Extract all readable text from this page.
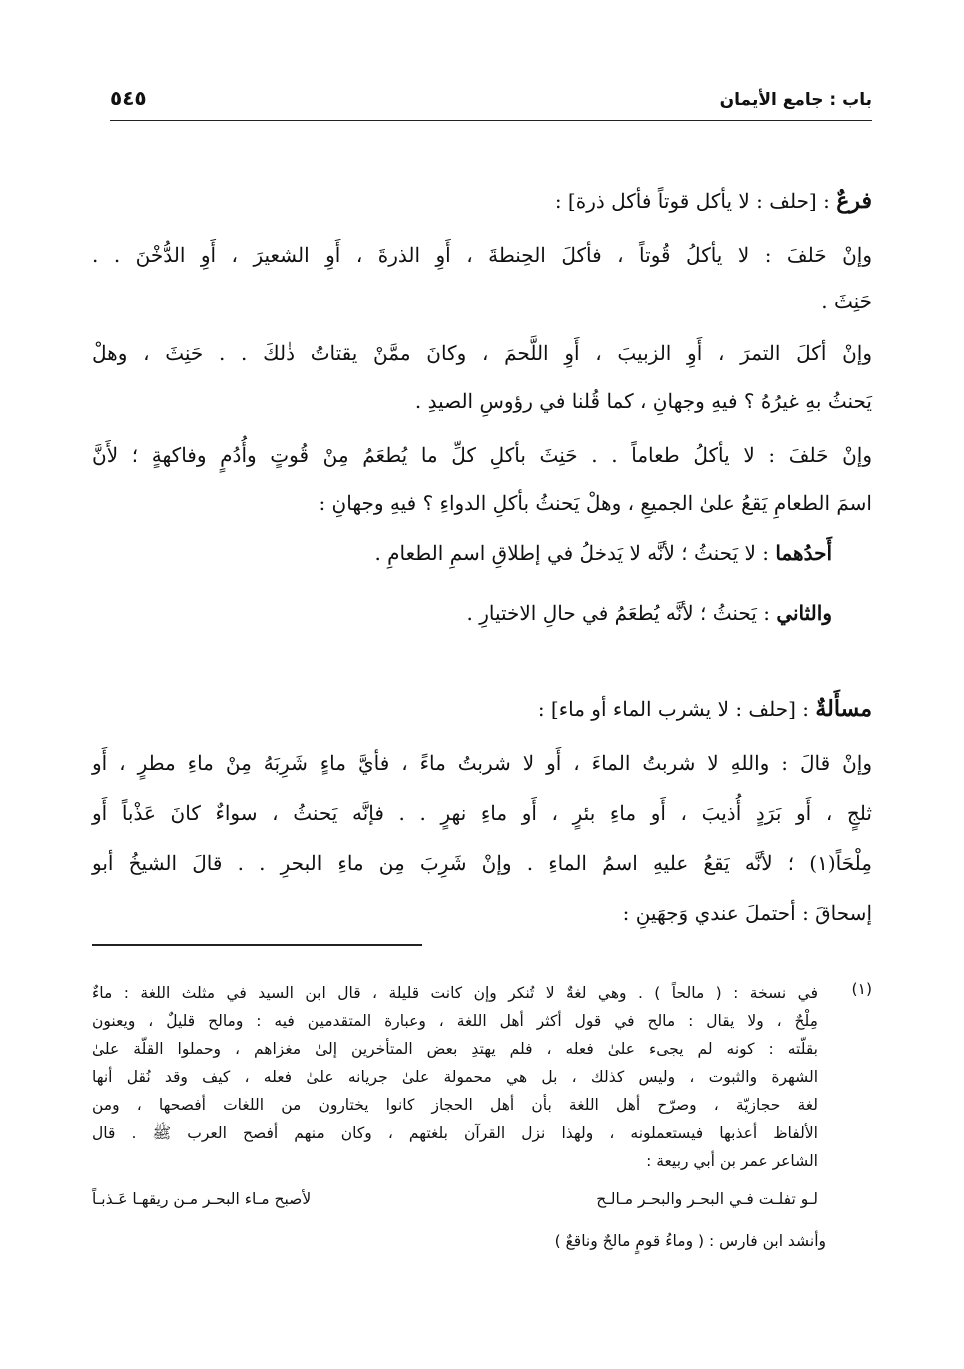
باب : جامع الأيمان
٥٤٥
فرعٌ : [حلف : لا يأكل قوتاً فأكل ذرة] :
وإنْ حَلفَ : لا يأكلُ قُوتاً ، فأكلَ الحِنطةَ ، أَوِ الذرةَ ، أَوِ الشعيرَ ، أَوِ الدُّخْنَ . .
حَنِثَ .
وإنْ أكلَ التمرَ ، أَوِ الزبيبَ ، أَوِ اللَّحمَ ، وكانَ ممَّنْ يقتاتُ ذٰلكَ . . حَنِثَ ، وهلْ
يَحنثُ بهِ غيرُهُ ؟ فيهِ وجهانِ ، كما قُلنا في رؤوسِ الصيدِ .
وإنْ حَلفَ : لا يأكلُ طعاماً . . حَنِثَ بأكلِ كلِّ ما يُطعَمُ مِنْ قُوتٍ وأُدُمٍ وفاكهةٍ ؛ لأَنَّ
اسمَ الطعامِ يَقعُ علىٰ الجميعِ ، وهلْ يَحنثُ بأكلِ الدواءِ ؟ فيهِ وجهانِ :
أَحدُهما : لا يَحنثُ ؛ لأنَّه لا يَدخلُ في إطلاقِ اسمِ الطعامِ .
والثاني : يَحنثُ ؛ لأنَّه يُطعَمُ في حالِ الاختيارِ .
مسأَلةٌ : [حلف : لا يشرب الماء أو ماء] :
وإنْ قالَ : واللهِ لا شربتُ الماءَ ، أَو لا شربتُ ماءً ، فأيَّ ماءٍ شَرِبَهُ مِنْ ماءِ مطرٍ ، أَو
ثلجٍ ، أَو بَرَدٍ أُذيبَ ، أَو ماءِ بئرٍ ، أَو ماءِ نهرٍ . . فإنَّه يَحنثُ ، سواءٌ كانَ عَذْباً أَو
مِلْحَاً(١) ؛ لأنَّه يَقعُ عليهِ اسمُ الماءِ . وإنْ شَرِبَ مِن ماءِ البحرِ . . قالَ الشيخُ أبو
إسحاقَ : أحتملَ عندي وَجهَينِ :
(١)
في نسخة : ( مالحاً ) . وهي لغةٌ لا تُنكر وإن كانت قليلة ، قال ابن السيد في مثلث اللغة : ماءٌ
مِلْحٌ ، ولا يقال : مالح في قول أكثر أهل اللغة ، وعبارة المتقدمين فيه : ومالح قليلٌ ، ويعنون
بقلّته : كونه لم يجىء علىٰ فعله ، فلم يهتدِ بعض المتأخرين إلىٰ مغزاهم ، وحملوا القلّة علىٰ
الشهرة والثبوت ، وليس كذلك ، بل هي محمولة علىٰ جريانه علىٰ فعله ، كيف وقد نُقل أنها
لغة حجازيّة ، وصرّح أهل اللغة بأن أهل الحجاز كانوا يختارون من اللغات أفصحها ، ومن
الألفاظ أعذبها فيستعملونه ، ولهذا نزل القرآن بلغتهم ، وكان منهم أفصح العرب ﷺ . قال
الشاعر عمر بن أبي ربيعة :
لـو تفلـت فـي البحـر والبحـر مـالـح
لأصبح مـاء البحـر مـن ريقهـا عَـذبـاً
وأنشد ابن فارس : ( وماءُ قومٍ مالحٌ وناقعٌ )
